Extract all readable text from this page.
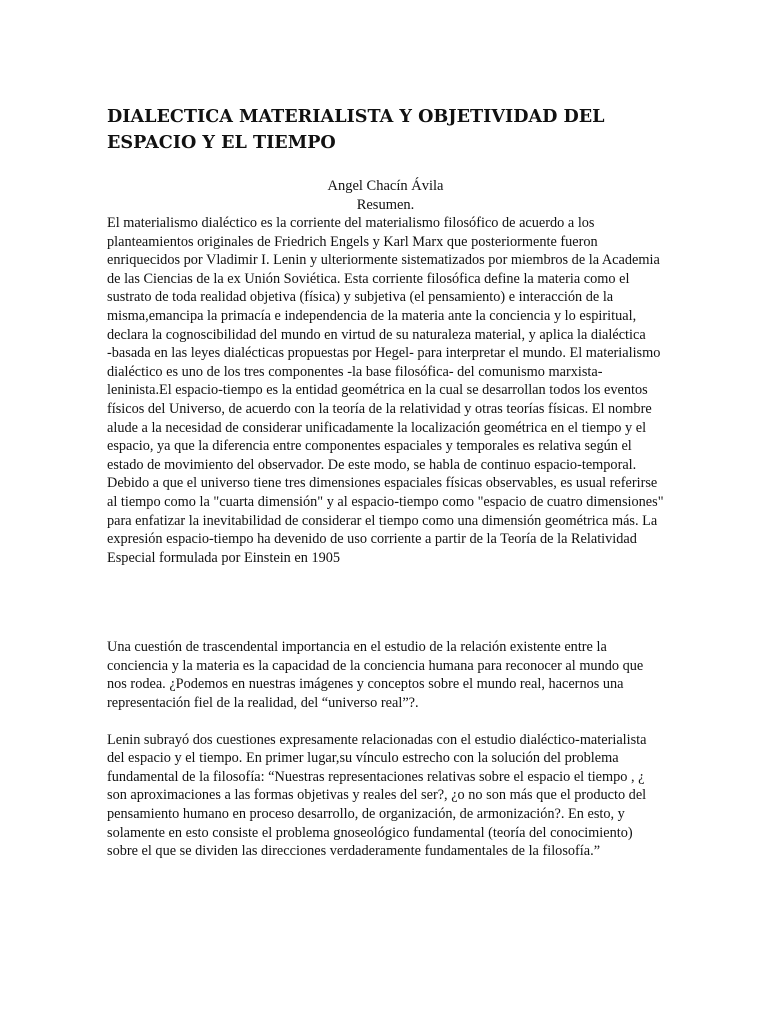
DIALECTICA MATERIALISTA Y OBJETIVIDAD DEL ESPACIO Y EL TIEMPO

Angel Chacín Ávila

Resumen.

El materialismo dialéctico es la corriente del materialismo filosófico de acuerdo a los planteamientos originales de Friedrich Engels y Karl Marx que posteriormente fueron enriquecidos por Vladimir I. Lenin y ulteriormente sistematizados por miembros de la Academia de las Ciencias de la ex Unión Soviética. Esta corriente filosófica define la materia como el sustrato de toda realidad objetiva (física) y subjetiva (el pensamiento) e interacción de la misma,emancipa la primacía e independencia de la materia ante la conciencia y lo espiritual, declara la cognoscibilidad del mundo en virtud de su naturaleza material, y aplica la dialéctica ‑basada en las leyes dialécticas propuestas por Hegel‑ para interpretar el mundo. El materialismo dialéctico es uno de los tres componentes ‑la base filosófica‑ del comunismo marxista-leninista.El espacio-tiempo es la entidad geométrica en la cual se desarrollan todos los eventos físicos del Universo, de acuerdo con la teoría de la relatividad y otras teorías físicas. El nombre alude a la necesidad de considerar unificadamente la localización geométrica en el tiempo y el espacio, ya que la diferencia entre componentes espaciales y temporales es relativa según el estado de movimiento del observador. De este modo, se habla de continuo espacio-temporal. Debido a que el universo tiene tres dimensiones espaciales físicas observables, es usual referirse al tiempo como la "cuarta dimensión" y al espacio-tiempo como "espacio de cuatro dimensiones" para enfatizar la inevitabilidad de considerar el tiempo como una dimensión geométrica más. La expresión espacio-tiempo ha devenido de uso corriente a partir de la Teoría de la Relatividad Especial formulada por Einstein en 1905

Una cuestión de trascendental importancia en el estudio de la relación existente entre la conciencia y la materia es la capacidad de la conciencia humana para reconocer al mundo que nos rodea. ¿Podemos en nuestras imágenes y conceptos sobre el mundo real, hacernos una representación fiel de la realidad, del “universo real”?.

Lenin subrayó dos cuestiones expresamente relacionadas con el estudio dialéctico-materialista del espacio y el tiempo. En primer lugar,su vínculo estrecho con la solución del problema fundamental de la filosofía: “Nuestras representaciones relativas sobre el espacio el tiempo , ¿ son aproximaciones a las formas objetivas y reales del ser?, ¿o no son más que el producto del pensamiento humano en proceso desarrollo, de organización, de armonización?. En esto, y solamente en esto consiste el problema gnoseológico fundamental (teoría del conocimiento) sobre el que se dividen las direcciones verdaderamente fundamentales de la filosofía.”
